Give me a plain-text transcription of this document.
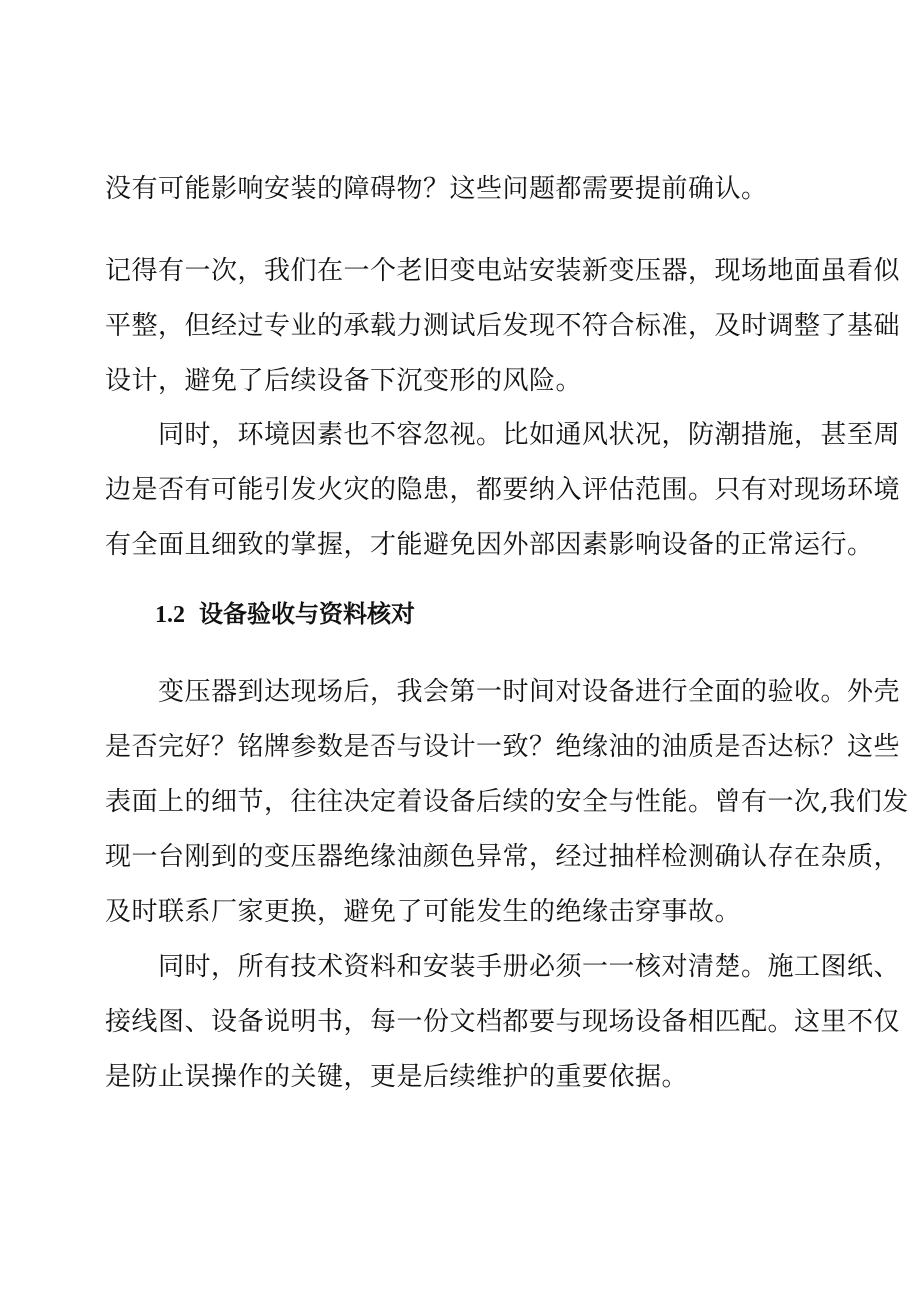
没有可能影响安装的障碍物？这些问题都需要提前确认。
记得有一次，我们在一个老旧变电站安装新变压器，现场地面虽看似
平整，但经过专业的承载力测试后发现不符合标准，及时调整了基础
设计，避免了后续设备下沉变形的风险。
　　同时，环境因素也不容忽视。比如通风状况，防潮措施，甚至周
边是否有可能引发火灾的隐患，都要纳入评估范围。只有对现场环境
有全面且细致的掌握，才能避免因外部因素影响设备的正常运行。
1.2 设备验收与资料核对
　　变压器到达现场后，我会第一时间对设备进行全面的验收。外壳
是否完好？铭牌参数是否与设计一致？绝缘油的油质是否达标？这些
表面上的细节，往往决定着设备后续的安全与性能。曾有一次,我们发
现一台刚到的变压器绝缘油颜色异常，经过抽样检测确认存在杂质，
及时联系厂家更换，避免了可能发生的绝缘击穿事故。
　　同时，所有技术资料和安装手册必须一一核对清楚。施工图纸、
接线图、设备说明书，每一份文档都要与现场设备相匹配。这里不仅
是防止误操作的关键，更是后续维护的重要依据。
